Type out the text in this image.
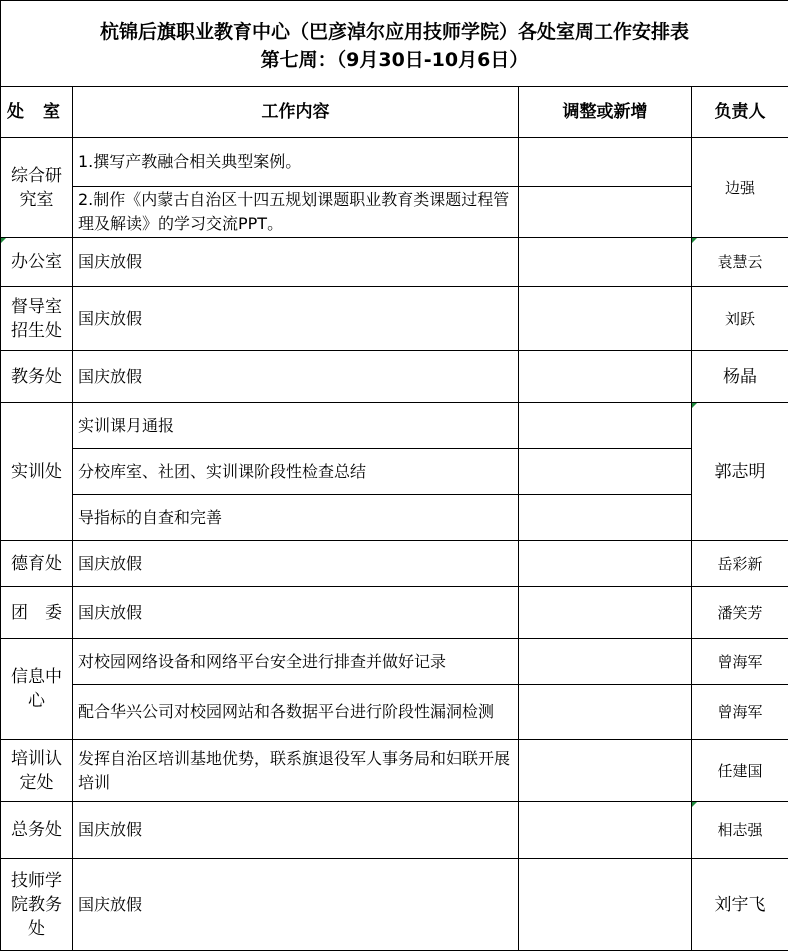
杭锦后旗职业教育中心（巴彦淖尔应用技师学院）各处室周工作安排表
第七周：（9月30日-10月6日）			

处　室	工作内容	调整或新增	负责人
综合研究室	1.撰写产教融合相关典型案例。		边强
	2.制作《内蒙古自治区十四五规划课题职业教育类课题过程管理及解读》的学习交流PPT。		
办公室	国庆放假		袁慧云
督导室招生处	国庆放假		刘跃
教务处	国庆放假		杨晶
实训处	实训课月通报		郭志明
	分校库室、社团、实训课阶段性检查总结		
	导指标的自查和完善		
德育处	国庆放假		岳彩新
团　委	国庆放假		潘笑芳
信息中心	对校园网络设备和网络平台安全进行排查并做好记录		曾海军
	配合华兴公司对校园网站和各数据平台进行阶段性漏洞检测		曾海军
培训认定处	发挥自治区培训基地优势，联系旗退役军人事务局和妇联开展培训		任建国
总务处	国庆放假		相志强
技师学院教务处	国庆放假		刘宇飞
